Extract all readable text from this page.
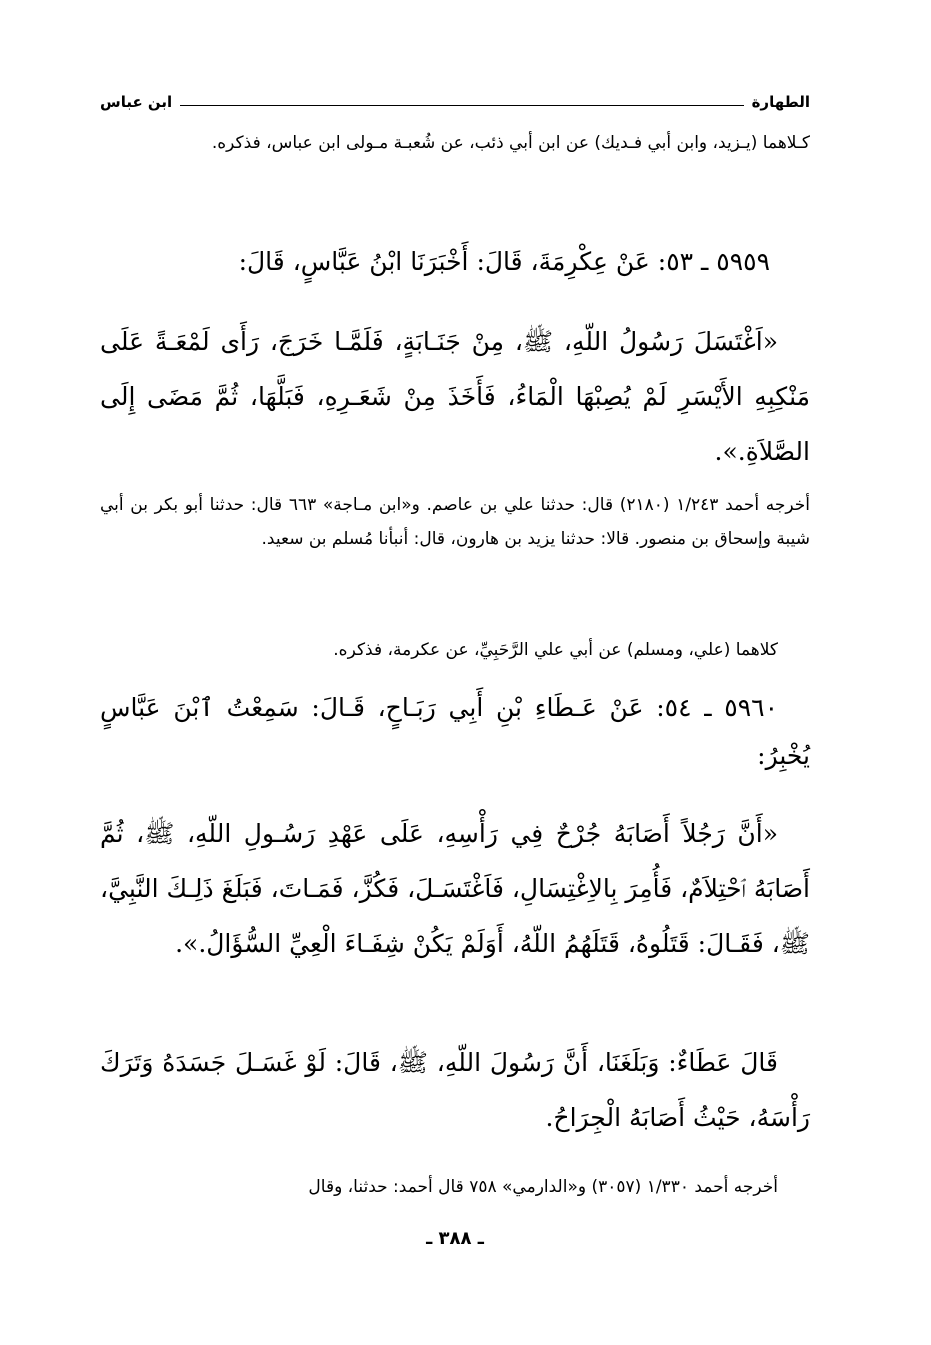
الطهارة
ابن عباس

كـلاهما (يـزيد، وابن أبي فـديك) عن ابن أبي ذئب، عن شُعبـة مـولى ابن عباس، فذكره.

٥٩٥٩ ـ ٥٣: عَنْ عِكْرِمَةَ، قَالَ: أَخْبَرَنَا ابْنُ عَبَّاسٍ، قَالَ:

«اَغْتَسَلَ رَسُولُ اللّهِ، ﷺ، مِنْ جَنَـابَةٍ، فَلَمَّـا خَرَجَ، رَأَى لَمْعَـةً عَلَى مَنْكِبِهِ الأَيْسَرِ لَمْ يُصِبْهَا الْمَاءُ، فَأَخَذَ مِنْ شَعَـرِهِ، فَبَلَّهَا، ثُمَّ مَضَى إِلَى الصَّلاَةِ.».

أخرجه أحمد ١/٢٤٣ (٢١٨٠) قال: حدثنا علي بن عاصم. و«ابن مـاجة» ٦٦٣ قال: حدثنا أبو بكر بن أبي شيبة وإسحاق بن منصور. قالا: حدثنا يزيد بن هارون، قال: أنبأنا مُسلم بن سعيد.

كلاهما (علي، ومسلم) عن أبي علي الرَّحَبِيِّ، عن عكرمة، فذكره.

٥٩٦٠ ـ ٥٤: عَنْ عَـطَاءِ بْنِ أَبِي رَبَـاحٍ، قَـالَ: سَمِعْتُ ٱبْنَ عَبَّاسٍ يُخْبِرُ:

«أَنَّ رَجُلاً أَصَابَهُ جُرْحٌ فِي رَأْسِهِ، عَلَى عَهْدِ رَسُـولِ اللّهِ، ﷺ، ثُمَّ أَصَابَهُ ٱحْتِلاَمٌ، فَأُمِرَ بِالاِغْتِسَالِ، فَاَغْتَسَـلَ، فَكُزَّ، فَمَـاتَ، فَبَلَغَ ذَلِـكَ النَّبِيَّ، ﷺ، فَقَـالَ: قَتَلُوهُ، قَتَلَهُمُ اللّهُ، أَوَلَمْ يَكُنْ شِفَـاءَ الْعِيِّ السُّؤَالُ.».

قَالَ عَطَاءٌ: وَبَلَغَنَا، أَنَّ رَسُولَ اللّهِ، ﷺ، قَالَ: لَوْ غَسَـلَ جَسَدَهُ وَتَرَكَ رَأْسَهُ، حَيْثُ أَصَابَهُ الْجِرَاحُ.

أخرجه أحمد ١/٣٣٠ (٣٠٥٧) و«الدارمي» ٧٥٨ قال أحمد: حدثنا، وقال

ـ ٣٨٨ ـ
